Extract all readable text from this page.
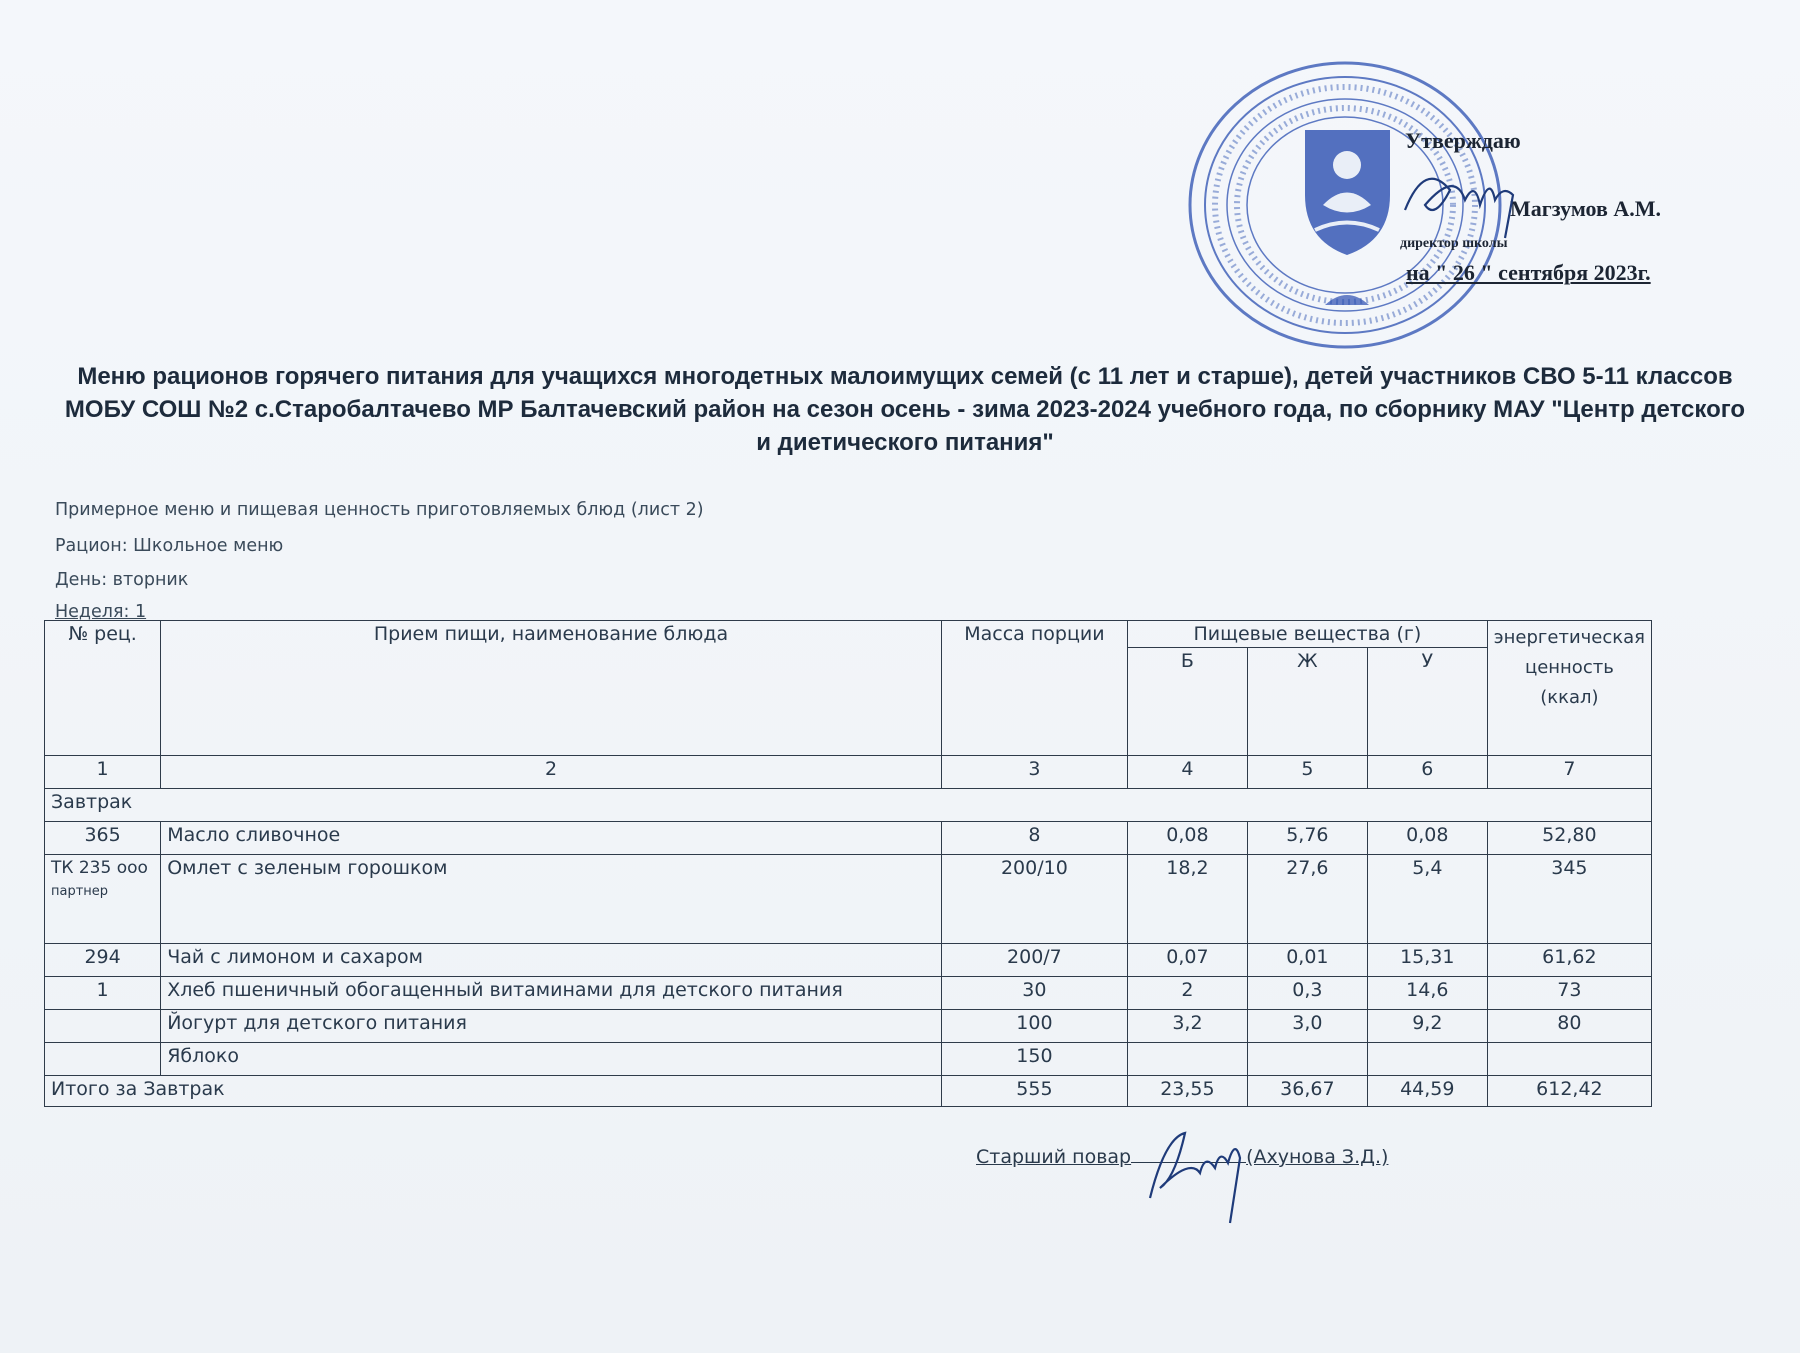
Утверждаю
Магзумов А.М.
директор школы
на " 26 " сентября 2023г.
Меню рационов горячего питания для учащихся многодетных малоимущих семей (с 11 лет и старше), детей участников СВО 5-11 классов МОБУ СОШ №2 с.Старобалтачево МР Балтачевский район на сезон осень - зима 2023-2024 учебного года, по сборнику МАУ "Центр детского и диетического питания"
Примерное меню и пищевая ценность приготовляемых блюд (лист 2)
Рацион: Школьное меню
День: вторник
Неделя: 1
№ рец.	Прием пищи, наименование блюда	Масса порции	Пищевые вещества (г)			энергетическая ценность (ккал)
			Б	Ж	У	
1	2	3	4	5	6	7
Завтрак						
365	Масло сливочное	8	0,08	5,76	0,08	52,80
ТК 235 ооо
партнер	Омлет с зеленым горошком	200/10	18,2	27,6	5,4	345
294	Чай с лимоном и сахаром	200/7	0,07	0,01	15,31	61,62
1	Хлеб пшеничный обогащенный витаминами для детского питания	30	2	0,3	14,6	73
	Йогурт для детского питания	100	3,2	3,0	9,2	80
	Яблоко	150				
Итого за Завтрак		555	23,55	36,67	44,59	612,42
Старший повар	(Ахунова З.Д.)
